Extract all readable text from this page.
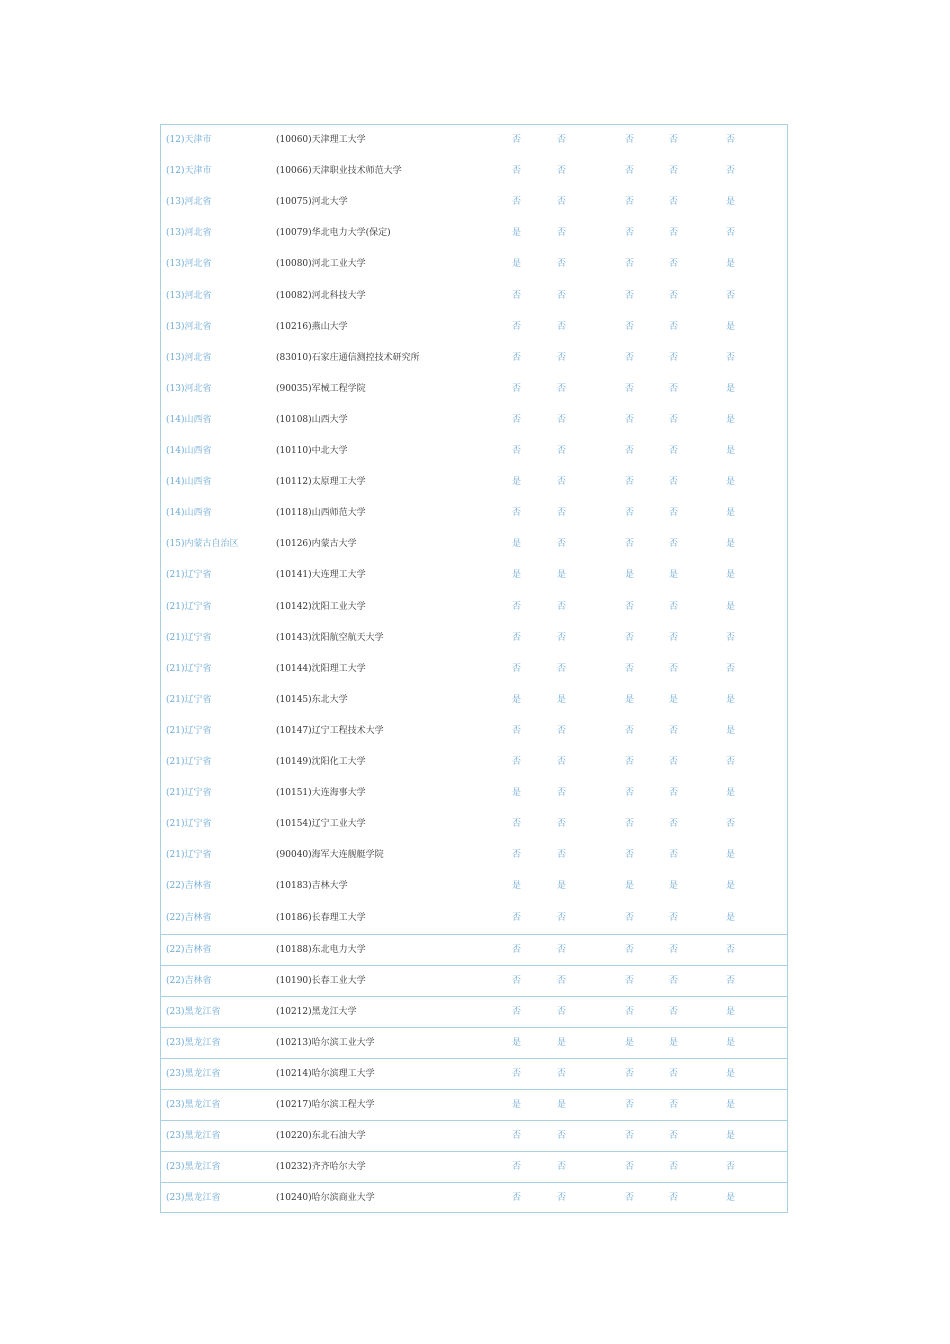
(12)天津市	(10060)天津理工大学	否	否	否	否	否
(12)天津市	(10066)天津职业技术师范大学	否	否	否	否	否
(13)河北省	(10075)河北大学	否	否	否	否	是
(13)河北省	(10079)华北电力大学(保定)	是	否	否	否	否
(13)河北省	(10080)河北工业大学	是	否	否	否	是
(13)河北省	(10082)河北科技大学	否	否	否	否	否
(13)河北省	(10216)燕山大学	否	否	否	否	是
(13)河北省	(83010)石家庄通信测控技术研究所	否	否	否	否	否
(13)河北省	(90035)军械工程学院	否	否	否	否	是
(14)山西省	(10108)山西大学	否	否	否	否	是
(14)山西省	(10110)中北大学	否	否	否	否	是
(14)山西省	(10112)太原理工大学	是	否	否	否	是
(14)山西省	(10118)山西师范大学	否	否	否	否	是
(15)内蒙古自治区	(10126)内蒙古大学	是	否	否	否	是
(21)辽宁省	(10141)大连理工大学	是	是	是	是	是
(21)辽宁省	(10142)沈阳工业大学	否	否	否	否	是
(21)辽宁省	(10143)沈阳航空航天大学	否	否	否	否	否
(21)辽宁省	(10144)沈阳理工大学	否	否	否	否	否
(21)辽宁省	(10145)东北大学	是	是	是	是	是
(21)辽宁省	(10147)辽宁工程技术大学	否	否	否	否	是
(21)辽宁省	(10149)沈阳化工大学	否	否	否	否	否
(21)辽宁省	(10151)大连海事大学	是	否	否	否	是
(21)辽宁省	(10154)辽宁工业大学	否	否	否	否	否
(21)辽宁省	(90040)海军大连舰艇学院	否	否	否	否	是
(22)吉林省	(10183)吉林大学	是	是	是	是	是
(22)吉林省	(10186)长春理工大学	否	否	否	否	是
(22)吉林省	(10188)东北电力大学	否	否	否	否	否
(22)吉林省	(10190)长春工业大学	否	否	否	否	否
(23)黑龙江省	(10212)黑龙江大学	否	否	否	否	是
(23)黑龙江省	(10213)哈尔滨工业大学	是	是	是	是	是
(23)黑龙江省	(10214)哈尔滨理工大学	否	否	否	否	是
(23)黑龙江省	(10217)哈尔滨工程大学	是	是	否	否	是
(23)黑龙江省	(10220)东北石油大学	否	否	否	否	是
(23)黑龙江省	(10232)齐齐哈尔大学	否	否	否	否	否
(23)黑龙江省	(10240)哈尔滨商业大学	否	否	否	否	是
